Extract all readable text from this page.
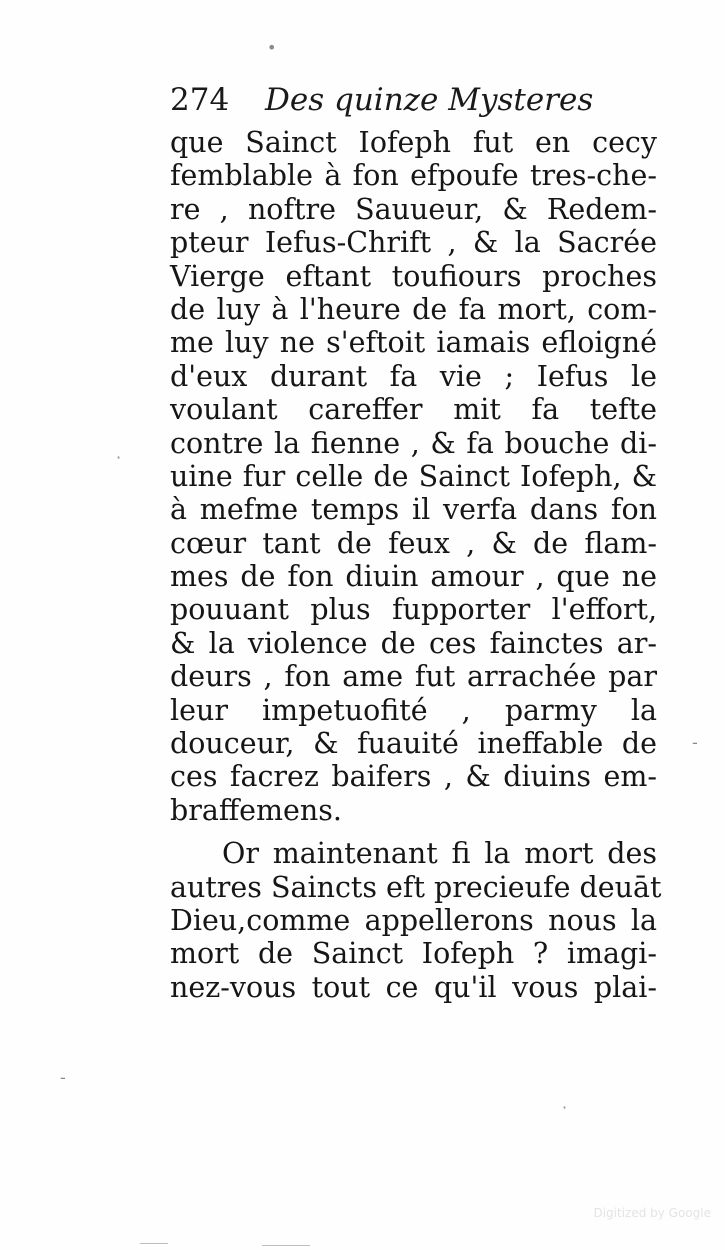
•
274 Des quinze Mysteres
que Sainct Iofeph fut en cecy
femblable à fon efpoufe tres-che-
re , noftre Sauueur, & Redem-
pteur Iefus-Chrift , & la Sacrée
Vierge eftant toufiours proches
de luy à l'heure de fa mort, com-
me luy ne s'eftoit iamais efloigné
d'eux durant fa vie ; Iefus le
voulant careffer mit fa tefte
contre la fienne , & fa bouche di-
uine fur celle de Sainct Iofeph, &
à mefme temps il verfa dans fon
cœur tant de feux , & de flam-
mes de fon diuin amour , que ne
pouuant plus fupporter l'effort,
& la violence de ces fainctes ar-
deurs , fon ame fut arrachée par
leur impetuofité , parmy la
douceur, & fuauité ineffable de
ces facrez baifers , & diuins em-
braffemens.
Or maintenant fi la mort des
autres Saincts eft precieufe deuāt
Dieu,comme appellerons nous la
mort de Sainct Iofeph ? imagi-
nez-vous tout ce qu'il vous plai-
-
-
·
·
Digitized by Google
